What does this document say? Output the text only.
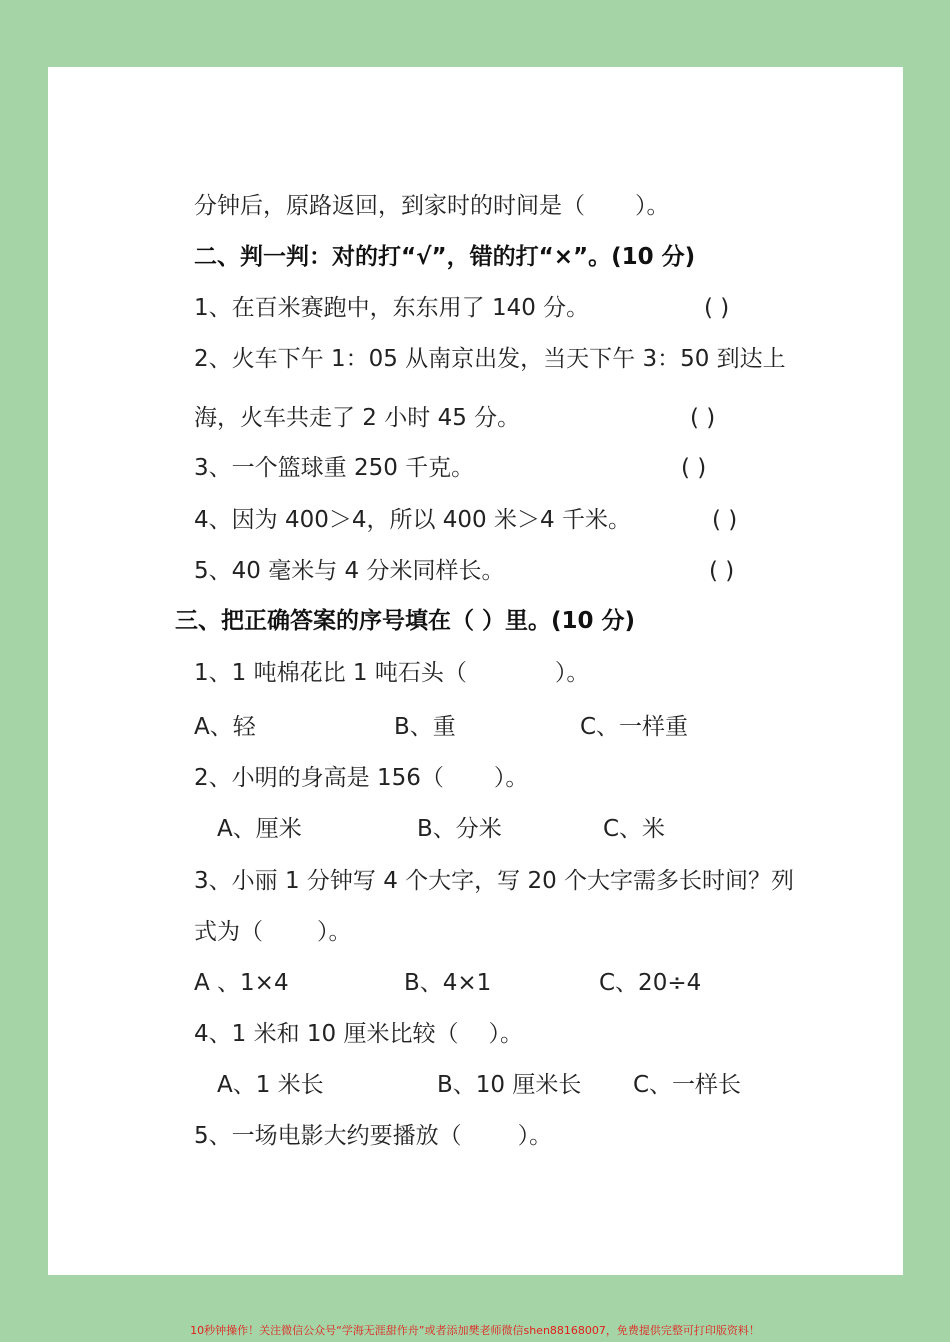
分钟后，原路返回，到家时的时间是（ ）。
二、判一判：对的打“√”，错的打“×”。(10 分)
1、在百米赛跑中，东东用了 140 分。	( )
2、火车下午 1：05 从南京出发，当天下午 3：50 到达上
海，火车共走了 2 小时 45 分。	( )
3、一个篮球重 250 千克。	( )
4、因为 400＞4，所以 400 米＞4 千米。	( )
5、40 毫米与 4 分米同样长。	( )
三、把正确答案的序号填在（ ）里。(10 分)
1、1 吨棉花比 1 吨石头（	）。
A、轻	B、重	C、一样重
2、小明的身高是 156（ ）。
A、厘米	B、分米	C、米
3、小丽 1 分钟写 4 个大字，写 20 个大字需多长时间？列
式为（ ）。
A 、1×4	B、4×1	C、20÷4
4、1 米和 10 厘米比较（ ）。
A、1 米长	B、10 厘米长 C、一样长
5、一场电影大约要播放（ ）。
10秒钟操作！关注微信公众号“学海无涯甜作舟”或者添加樊老师微信shen88168007，免费提供完整可打印版资料！
